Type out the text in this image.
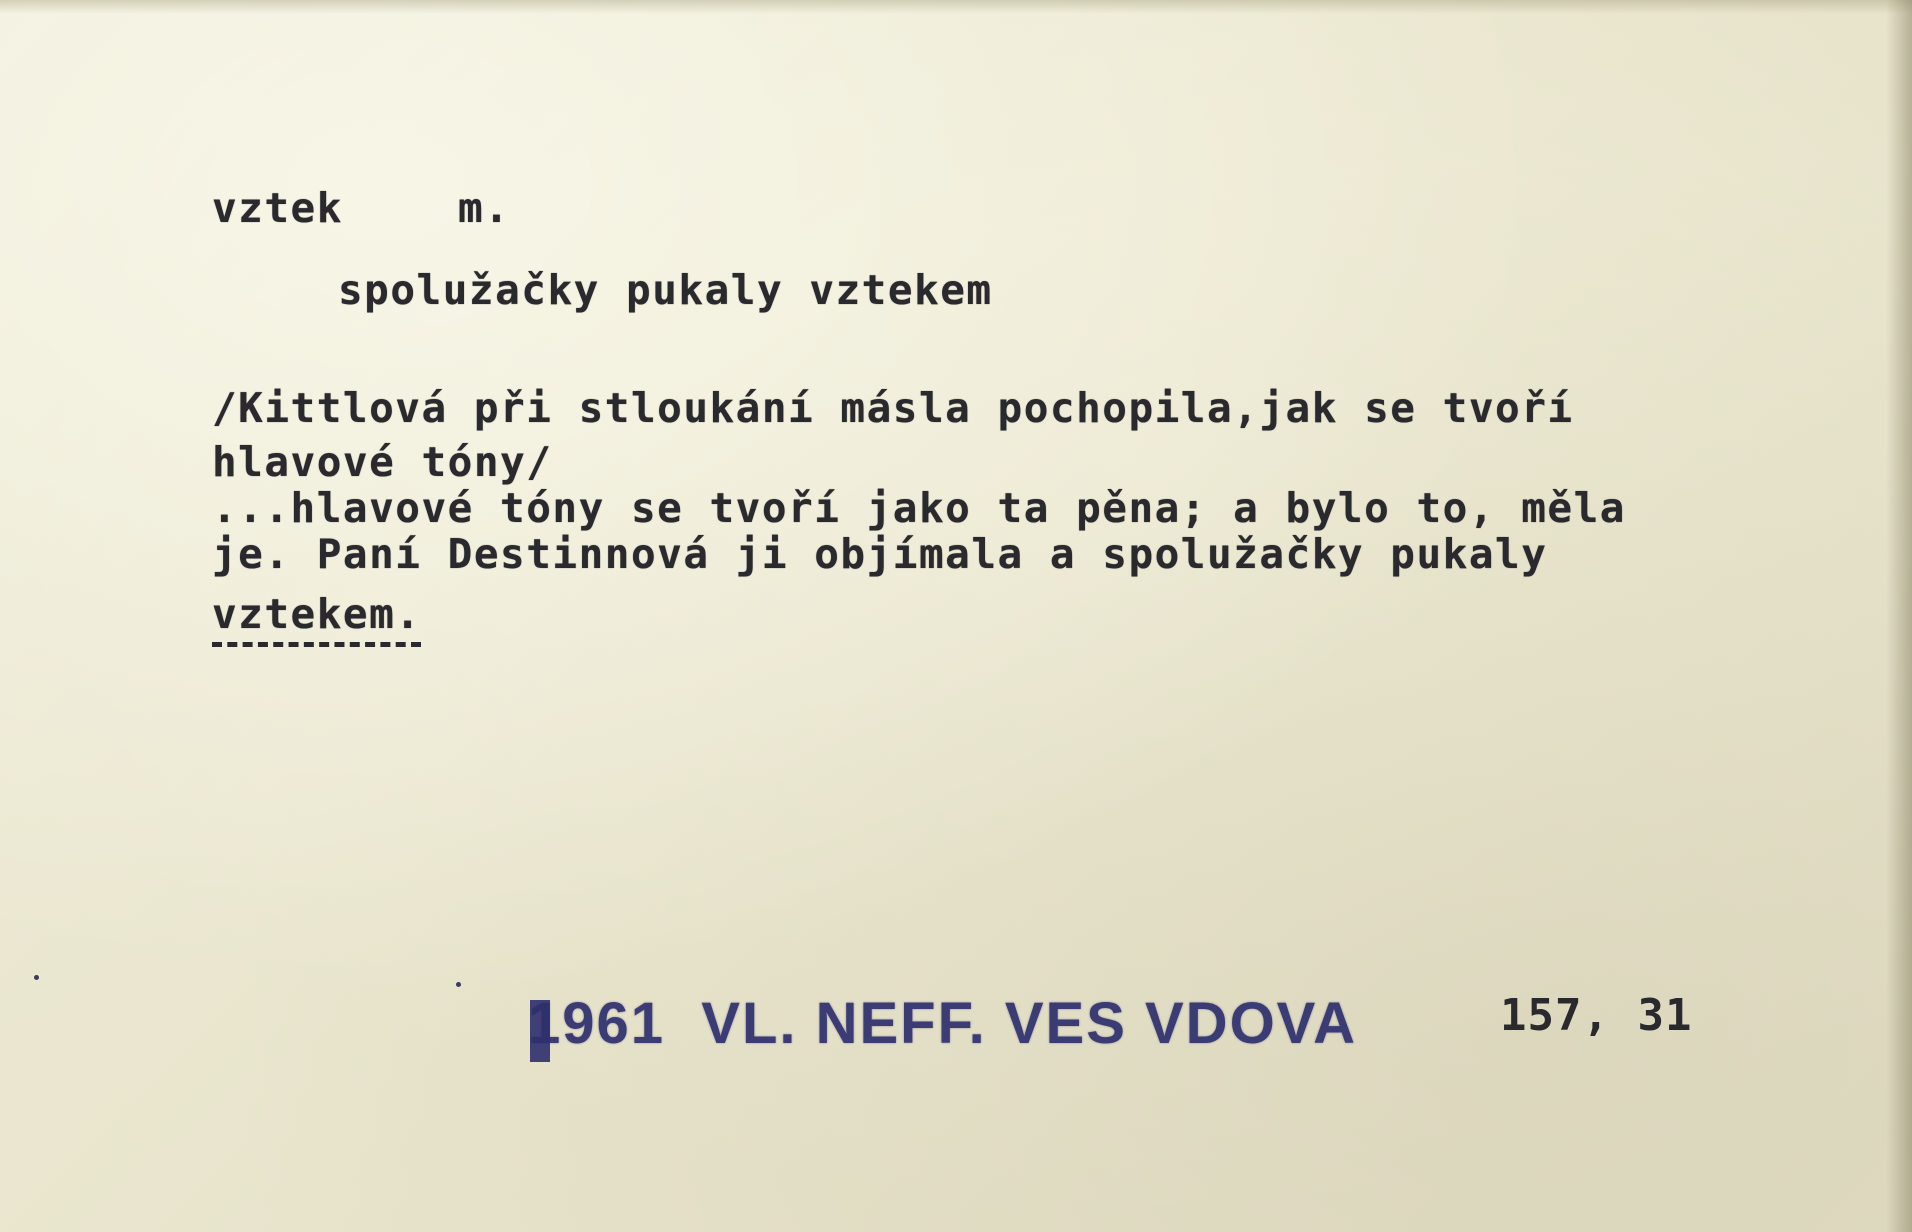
vztek	m.
spolužačky pukaly vztekem
/Kittlová při stloukání másla pochopila,jak se tvoří
hlavové tóny/
...hlavové tóny se tvoří jako ta pěna; a bylo to, měla
je. Paní Destinnová ji objímala a spolužačky pukaly
vztekem.
1961  VL. NEFF. VES VDOVA	157, 31
